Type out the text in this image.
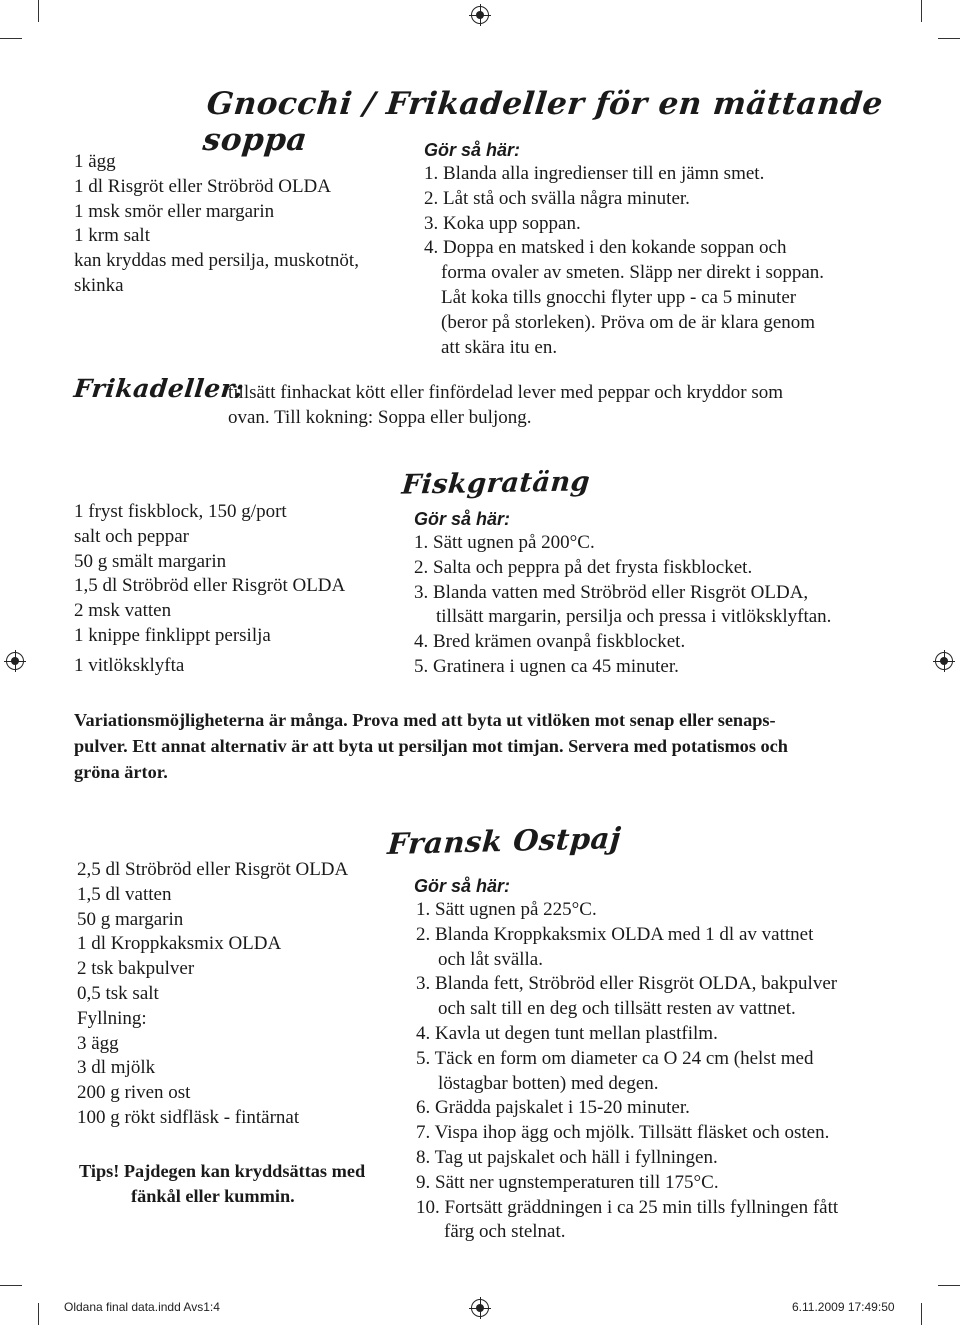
Gnocchi / Frikadeller för en mättande soppa
1 ägg
1 dl Risgröt eller Ströbröd OLDA
1 msk smör eller margarin
1 krm salt
kan kryddas med persilja, muskotnöt,
skinka
Gör så här:
1. Blanda alla ingredienser till en jämn smet.
2. Låt stå och svälla några minuter.
3. Koka upp soppan.
4. Doppa en matsked i den kokande soppan och
forma ovaler av smeten. Släpp ner direkt i soppan.
Låt koka tills gnocchi flyter upp - ca 5 minuter
(beror på storleken). Pröva om de är klara genom
att skära itu en.
Frikadeller:
tillsätt finhackat kött eller finfördelad lever med peppar och kryddor som
ovan. Till kokning: Soppa eller buljong.
Fiskgratäng
1 fryst fiskblock, 150 g/port
salt och peppar
50 g smält margarin
1,5 dl Ströbröd eller Risgröt OLDA
2 msk vatten
1 knippe finklippt persilja
1 vitlöksklyfta
Gör så här:
1. Sätt ugnen på 200°C.
2. Salta och peppra på det frysta fiskblocket.
3. Blanda vatten med Ströbröd eller Risgröt OLDA,
tillsätt margarin, persilja och pressa i vitlöksklyftan.
4. Bred krämen ovanpå fiskblocket.
5. Gratinera i ugnen ca 45 minuter.
Variationsmöjligheterna är många. Prova med att byta ut vitlöken mot senap eller senaps-
pulver. Ett annat alternativ är att byta ut persiljan mot timjan. Servera med potatismos och
gröna ärtor.
Fransk Ostpaj
2,5 dl Ströbröd eller Risgröt OLDA
1,5 dl vatten
50 g margarin
1 dl Kroppkaksmix OLDA
2 tsk bakpulver
0,5 tsk salt
Fyllning:
3 ägg
3 dl mjölk
200 g riven ost
100 g rökt sidfläsk - fintärnat
Tips! Pajdegen kan kryddsättas med
fänkål eller kummin.
Gör så här:
1. Sätt ugnen på 225°C.
2. Blanda Kroppkaksmix OLDA med 1 dl av vattnet
och låt svälla.
3. Blanda fett, Ströbröd eller Risgröt OLDA, bakpulver
och salt till en deg och tillsätt resten av vattnet.
4. Kavla ut degen tunt mellan plastfilm.
5. Täck en form om diameter ca O 24 cm (helst med
löstagbar botten) med degen.
6. Grädda pajskalet i 15-20 minuter.
7. Vispa ihop ägg och mjölk. Tillsätt fläsket och osten.
8. Tag ut pajskalet och häll i fyllningen.
9. Sätt ner ugnstemperaturen till 175°C.
10. Fortsätt gräddningen i ca 25 min tills fyllningen fått
färg och stelnat.
Oldana final data.indd Avs1:4	6.11.2009 17:49:50
